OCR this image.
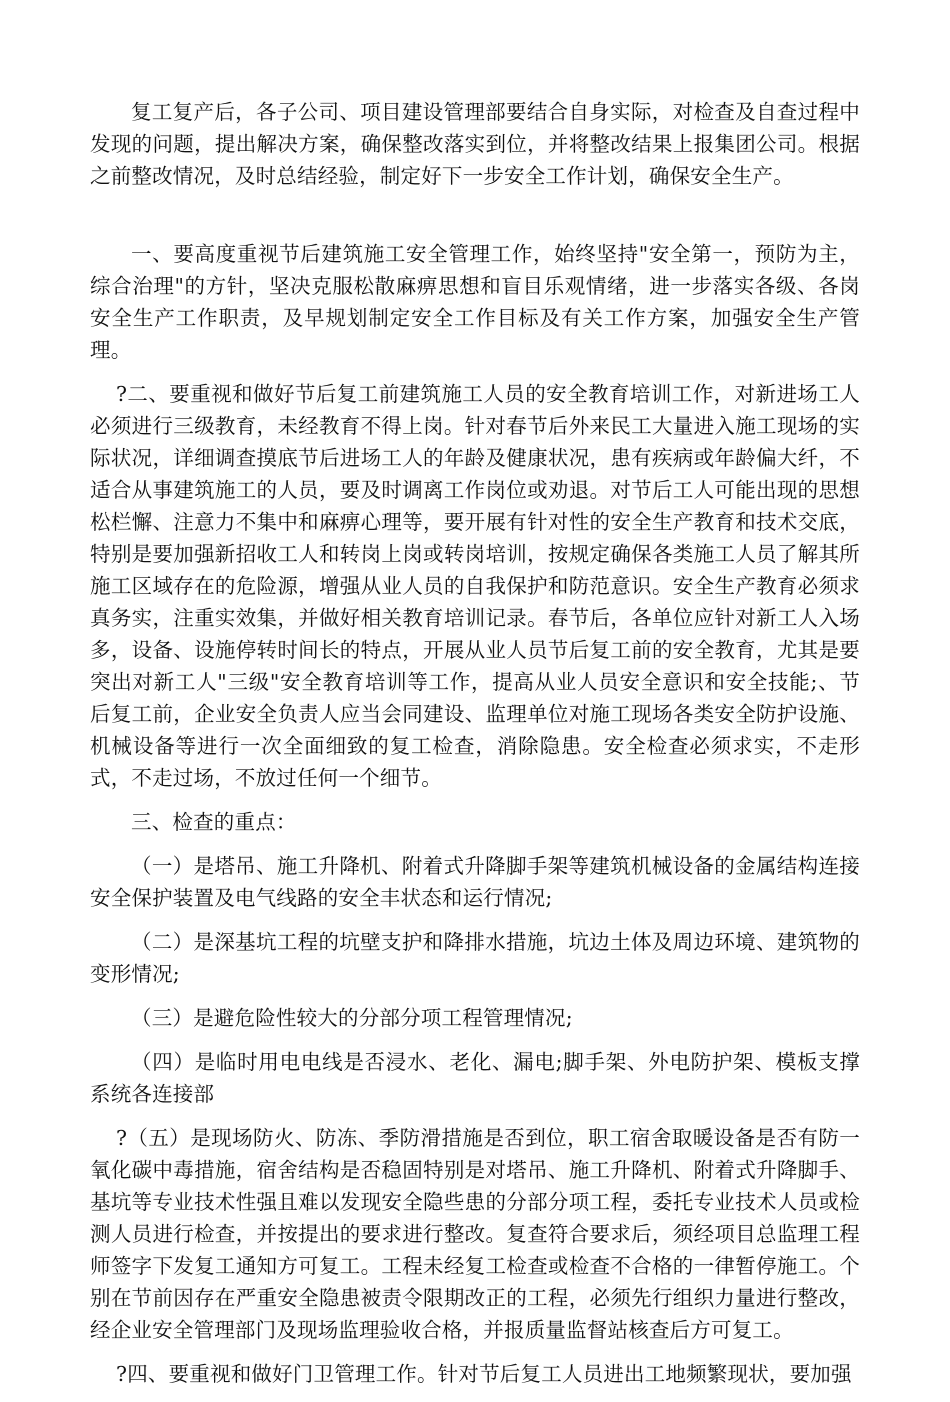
复工复产后，各子公司、项目建设管理部要结合自身实际，对检查及自查过程中发现的问题，提出解决方案，确保整改落实到位，并将整改结果上报集团公司。根据之前整改情况，及时总结经验，制定好下一步安全工作计划，确保安全生产。

一、要高度重视节后建筑施工安全管理工作，始终坚持"安全第一，预防为主，综合治理"的方针，坚决克服松散麻痹思想和盲目乐观情绪，进一步落实各级、各岗安全生产工作职责，及早规划制定安全工作目标及有关工作方案，加强安全生产管理。

?二、要重视和做好节后复工前建筑施工人员的安全教育培训工作，对新进场工人必须进行三级教育，未经教育不得上岗。针对春节后外来民工大量进入施工现场的实际状况，详细调查摸底节后进场工人的年龄及健康状况，患有疾病或年龄偏大纤，不适合从事建筑施工的人员，要及时调离工作岗位或劝退。对节后工人可能出现的思想松栏懈、注意力不集中和麻痹心理等，要开展有针对性的安全生产教育和技术交底，特别是要加强新招收工人和转岗上岗或转岗培训，按规定确保各类施工人员了解其所施工区域存在的危险源，增强从业人员的自我保护和防范意识。安全生产教育必须求真务实，注重实效集，并做好相关教育培训记录。春节后，各单位应针对新工人入场多，设备、设施停转时间长的特点，开展从业人员节后复工前的安全教育，尤其是要突出对新工人"三级"安全教育培训等工作，提高从业人员安全意识和安全技能;、节后复工前，企业安全负责人应当会同建设、监理单位对施工现场各类安全防护设施、机械设备等进行一次全面细致的复工检查，消除隐患。安全检查必须求实，不走形式，不走过场，不放过任何一个细节。

三、检查的重点：

（一）是塔吊、施工升降机、附着式升降脚手架等建筑机械设备的金属结构连接安全保护装置及电气线路的安全丰状态和运行情况;

（二）是深基坑工程的坑壁支护和降排水措施，坑边土体及周边环境、建筑物的变形情况;

（三）是避危险性较大的分部分项工程管理情况;

（四）是临时用电电线是否浸水、老化、漏电;脚手架、外电防护架、模板支撑系统各连接部

?（五）是现场防火、防冻、季防滑措施是否到位，职工宿舍取暖设备是否有防一氧化碳中毒措施，宿舍结构是否稳固特别是对塔吊、施工升降机、附着式升降脚手、基坑等专业技术性强且难以发现安全隐些患的分部分项工程，委托专业技术人员或检测人员进行检查，并按提出的要求进行整改。复查符合要求后，须经项目总监理工程师签字下发复工通知方可复工。工程未经复工检查或检查不合格的一律暂停施工。个别在节前因存在严重安全隐患被责令限期改正的工程，必须先行组织力量进行整改，经企业安全管理部门及现场监理验收合格，并报质量监督站核查后方可复工。

?四、要重视和做好门卫管理工作。针对节后复工人员进出工地频繁现状，要加强
